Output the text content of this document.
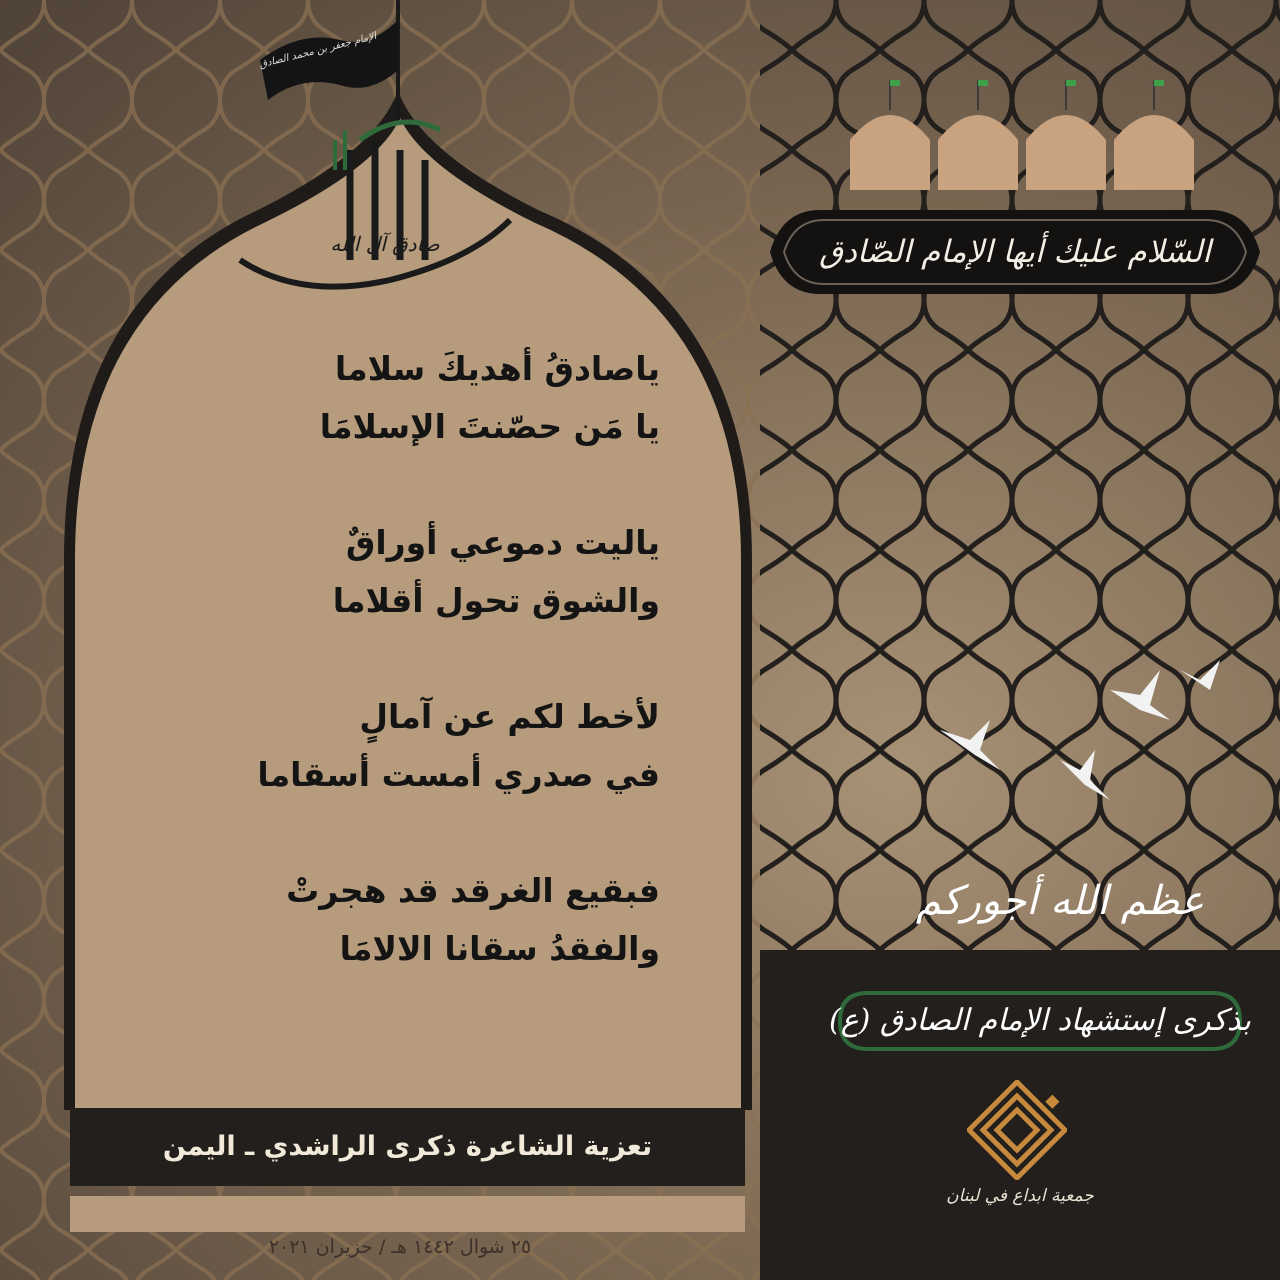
الإمام جعفر بن محمد الصادق
صادق آل الله
ياصادقُ أهديكَ سلاما
يا مَن حصّنتَ الإسلامَا
ياليت دموعي أوراقٌ
والشوق تحول أقلاما
لأخط لكم عن آمالٍ
في صدري أمست أسقاما
فبقيع الغرقد قد هجرتْ
والفقدُ سقانا الالامَا
تعزية الشاعرة ذكرى الراشدي ـ اليمن
٢٥ شوال ١٤٤٢ هـ / حزيران ٢٠٢١
السّلام عليك أيها الإمام الصّادق
عظم الله أجوركم
بذكرى إستشهاد الإمام الصادق (ع)
جمعية ابداع في لبنان
